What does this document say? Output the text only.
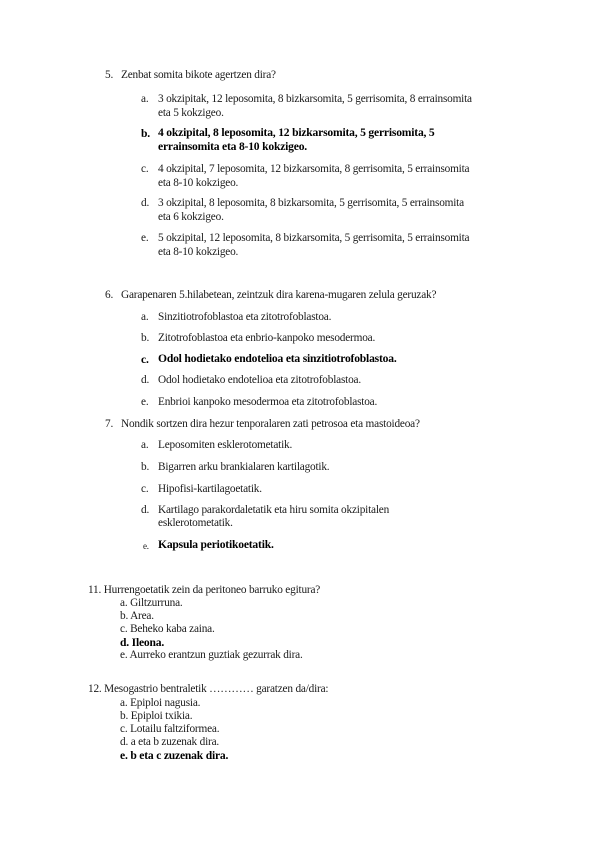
5. Zenbat somita bikote agertzen dira?
a. 3 okzipitak, 12 leposomita, 8 bizkarsomita, 5 gerrisomita, 8 errainsomita
eta 5 kokzigeo.
b. 4 okzipital, 8 leposomita, 12 bizkarsomita, 5 gerrisomita, 5
errainsomita eta 8-10 kokzigeo.
c. 4 okzipital, 7 leposomita, 12 bizkarsomita, 8 gerrisomita, 5 errainsomita
eta 8-10 kokzigeo.
d. 3 okzipital, 8 leposomita, 8 bizkarsomita, 5 gerrisomita, 5 errainsomita
eta 6 kokzigeo.
e. 5 okzipital, 12 leposomita, 8 bizkarsomita, 5 gerrisomita, 5 errainsomita
eta 8-10 kokzigeo.
6. Garapenaren 5.hilabetean, zeintzuk dira karena-mugaren zelula geruzak?
a. Sinzitiotrofoblastoa eta zitotrofoblastoa.
b. Zitotrofoblastoa eta enbrio-kanpoko mesodermoa.
c. Odol hodietako endotelioa eta sinzitiotrofoblastoa.
d. Odol hodietako endotelioa eta zitotrofoblastoa.
e. Enbrioi kanpoko mesodermoa eta zitotrofoblastoa.
7. Nondik sortzen dira hezur tenporalaren zati petrosoa eta mastoideoa?
a. Leposomiten esklerotometatik.
b. Bigarren arku brankialaren kartilagotik.
c. Hipofisi-kartilagoetatik.
d. Kartilago parakordaletatik eta hiru somita okzipitalen
esklerotometatik.
e. Kapsula periotikoetatik.
11. Hurrengoetatik zein da peritoneo barruko egitura?
a. Giltzurruna.
b. Area.
c. Beheko kaba zaina.
d. Ileona.
e. Aurreko erantzun guztiak gezurrak dira.
12. Mesogastrio bentraletik ………… garatzen da/dira:
a. Epiploi nagusia.
b. Epiploi txikia.
c. Lotailu faltziformea.
d. a eta b zuzenak dira.
e. b eta c zuzenak dira.
